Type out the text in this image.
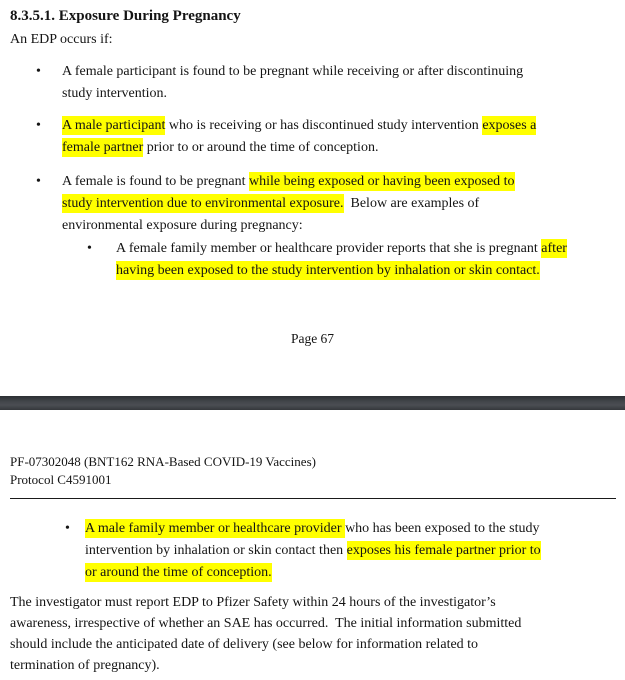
8.3.5.1. Exposure During Pregnancy

An EDP occurs if:

• A female participant is found to be pregnant while receiving or after discontinuing
study intervention.
• A male participant who is receiving or has discontinued study intervention exposes a
female partner prior to or around the time of conception.
• A female is found to be pregnant while being exposed or having been exposed to
study intervention due to environmental exposure.  Below are examples of
environmental exposure during pregnancy:
• A female family member or healthcare provider reports that she is pregnant after
having been exposed to the study intervention by inhalation or skin contact.
Page 67
PF-07302048 (BNT162 RNA-Based COVID-19 Vaccines)
Protocol C4591001
• A male family member or healthcare provider who has been exposed to the study
intervention by inhalation or skin contact then exposes his female partner prior to
or around the time of conception.
The investigator must report EDP to Pfizer Safety within 24 hours of the investigator’s
awareness, irrespective of whether an SAE has occurred.  The initial information submitted
should include the anticipated date of delivery (see below for information related to
termination of pregnancy).
